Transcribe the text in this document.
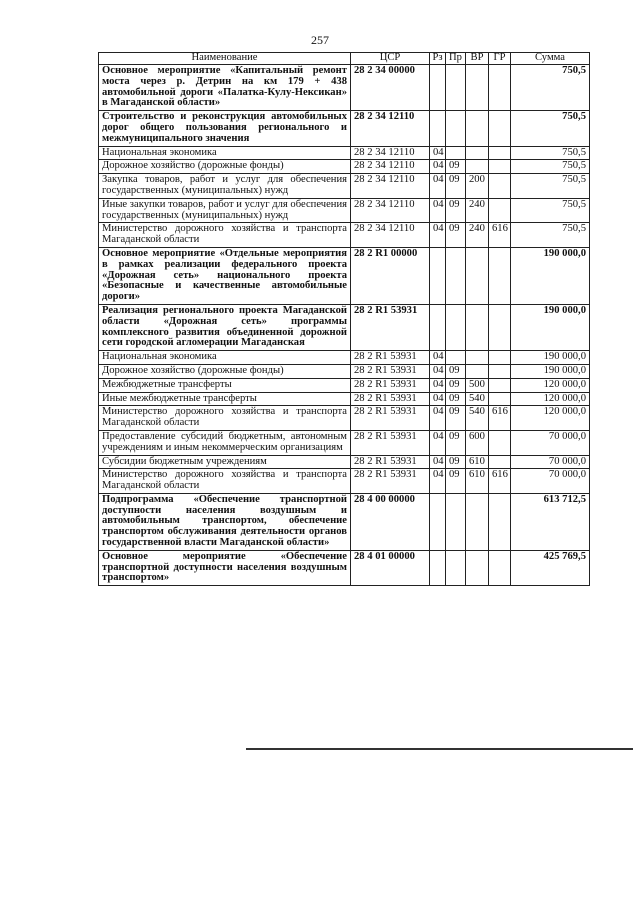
257
Наименование	ЦСР	Рз	Пр	ВР	ГР	Сумма
Основное мероприятие «Капитальный ремонт моста через р. Детрин на км 179 + 438 автомобильной дороги «Палатка-Кулу-Нексикан» в Магаданской области»	28 2 34 00000					750,5
Строительство и реконструкция автомобильных дорог общего пользования регионального и межмуниципального значения	28 2 34 12110					750,5
Национальная экономика	28 2 34 12110	04				750,5
Дорожное хозяйство (дорожные фонды)	28 2 34 12110	04	09			750,5
Закупка товаров, работ и услуг для обеспечения государственных (муниципальных) нужд	28 2 34 12110	04	09	200		750,5
Иные закупки товаров, работ и услуг для обеспечения государственных (муниципальных) нужд	28 2 34 12110	04	09	240		750,5
Министерство дорожного хозяйства и транспорта Магаданской области	28 2 34 12110	04	09	240	616	750,5
Основное мероприятие «Отдельные мероприятия в рамках реализации федерального проекта «Дорожная сеть» национального проекта «Безопасные и качественные автомобильные дороги»	28 2 R1 00000					190 000,0
Реализация регионального проекта Магаданской области «Дорожная сеть» программы комплексного развития объединенной дорожной сети городской агломерации Магаданская	28 2 R1 53931					190 000,0
Национальная экономика	28 2 R1 53931	04				190 000,0
Дорожное хозяйство (дорожные фонды)	28 2 R1 53931	04	09			190 000,0
Межбюджетные трансферты	28 2 R1 53931	04	09	500		120 000,0
Иные межбюджетные трансферты	28 2 R1 53931	04	09	540		120 000,0
Министерство дорожного хозяйства и транспорта Магаданской области	28 2 R1 53931	04	09	540	616	120 000,0
Предоставление субсидий бюджетным, автономным учреждениям и иным некоммерческим организациям	28 2 R1 53931	04	09	600		70 000,0
Субсидии бюджетным учреждениям	28 2 R1 53931	04	09	610		70 000,0
Министерство дорожного хозяйства и транспорта Магаданской области	28 2 R1 53931	04	09	610	616	70 000,0
Подпрограмма «Обеспечение транспортной доступности населения воздушным и автомобильным транспортом, обеспечение транспортом обслуживания деятельности органов государственной власти Магаданской области»	28 4 00 00000					613 712,5
Основное мероприятие «Обеспечение транспортной доступности населения воздушным транспортом»	28 4 01 00000					425 769,5
